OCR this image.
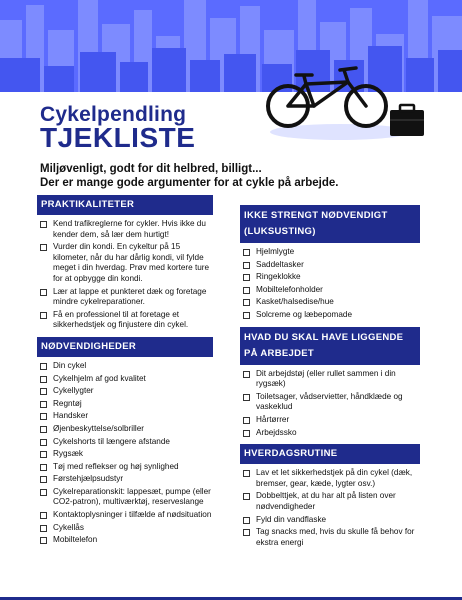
Cykelpendling
TJEKLISTE
Miljøvenligt, godt for dit helbred, billigt...
Der er mange gode argumenter for at cykle på arbejde.
PRAKTIKALITETER
Kend trafikreglerne for cykler. Hvis ikke du kender dem, så lær dem hurtigt!
Vurder din kondi. En cykeltur på 15 kilometer, når du har dårlig kondi, vil fylde meget i din hverdag. Prøv med kortere ture for at opbygge din kondi.
Lær at lappe et punkteret dæk og foretage mindre cykelreparationer.
Få en professionel til at foretage et sikkerhedstjek og finjustere din cykel.
NØDVENDIGHEDER
Din cykel
Cykelhjelm af god kvalitet
Cykellygter
Regntøj
Handsker
Øjenbeskyttelse/solbriller
Cykelshorts til længere afstande
Rygsæk
Tøj med reflekser og høj synlighed
Førstehjælpsudstyr
Cykelreparationskit: lappesæt, pumpe (eller CO2-patron), multiværktøj, reserveslange
Kontaktoplysninger i tilfælde af nødsituation
Cykellås
Mobiltelefon
IKKE STRENGT NØDVENDIGT (LUKSUSTING)
Hjelmlygte
Saddeltasker
Ringeklokke
Mobiltelefonholder
Kasket/halsedise/hue
Solcreme og læbepomade
HVAD DU SKAL HAVE LIGGENDE PÅ ARBEJDET
Dit arbejdstøj (eller rullet sammen i din rygsæk)
Toiletsager, vådservietter, håndklæde og vaskeklud
Hårtørrer
Arbejdssko
HVERDAGSRUTINE
Lav et let sikkerhedstjek på din cykel (dæk, bremser, gear, kæde, lygter osv.)
Dobbelttjek, at du har alt på listen over nødvendigheder
Fyld din vandflaske
Tag snacks med, hvis du skulle få behov for ekstra energi
